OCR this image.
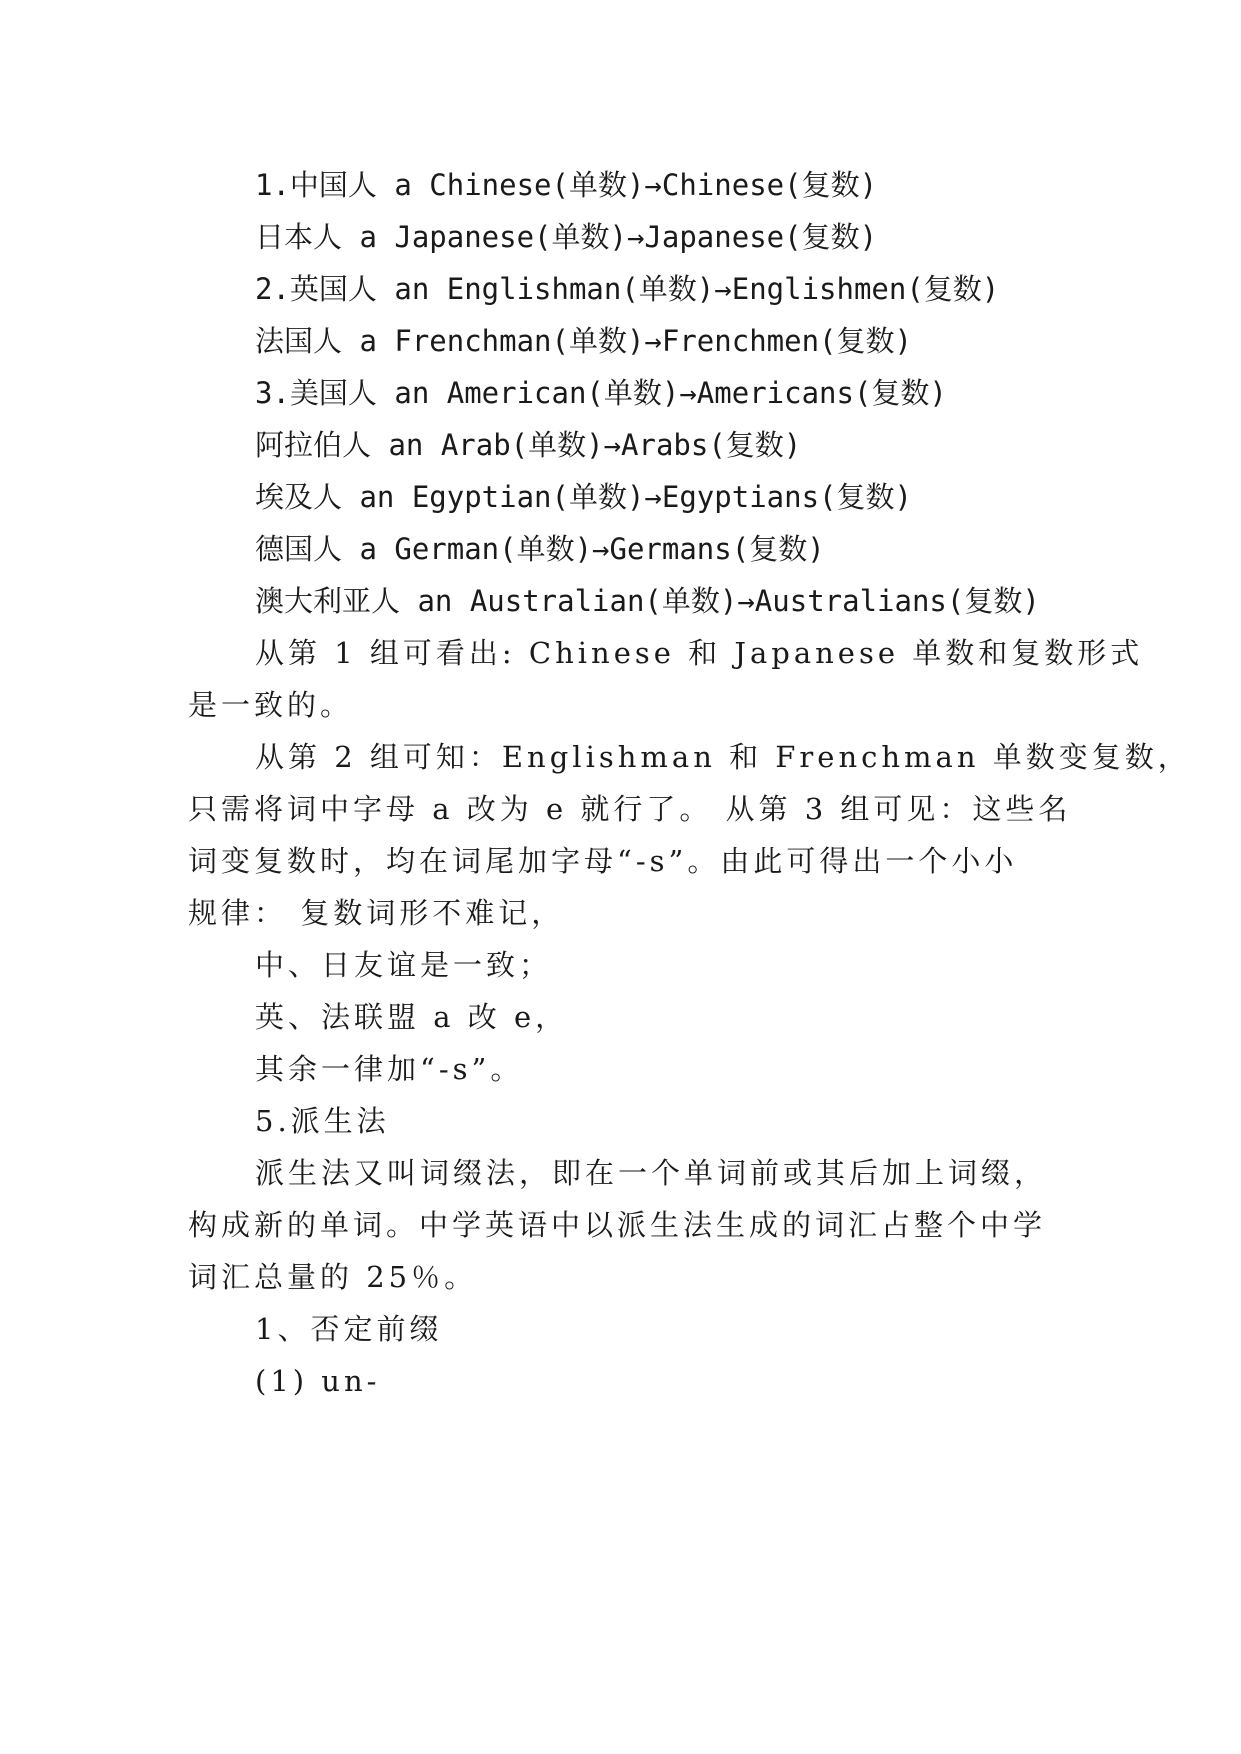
1.中国人 a Chinese(单数)→Chinese(复数)
日本人 a Japanese(单数)→Japanese(复数)
2.英国人 an Englishman(单数)→Englishmen(复数)
法国人 a Frenchman(单数)→Frenchmen(复数)
3.美国人 an American(单数)→Americans(复数)
阿拉伯人 an Arab(单数)→Arabs(复数)
埃及人 an Egyptian(单数)→Egyptians(复数)
德国人 a German(单数)→Germans(复数)
澳大利亚人 an Australian(单数)→Australians(复数)
从第 1 组可看出: Chinese 和 Japanese 单数和复数形式
是一致的。
从第 2 组可知：Englishman 和 Frenchman 单数变复数，
只需将词中字母 a 改为 e 就行了。 从第 3 组可见：这些名
词变复数时，均在词尾加字母“-s”。由此可得出一个小小
规律： 复数词形不难记，
中、日友谊是一致；
英、法联盟 a 改 e，
其余一律加“-s”。
5.派生法
派生法又叫词缀法，即在一个单词前或其后加上词缀，
构成新的单词。中学英语中以派生法生成的词汇占整个中学
词汇总量的 25％。
1、否定前缀
(1) un-
